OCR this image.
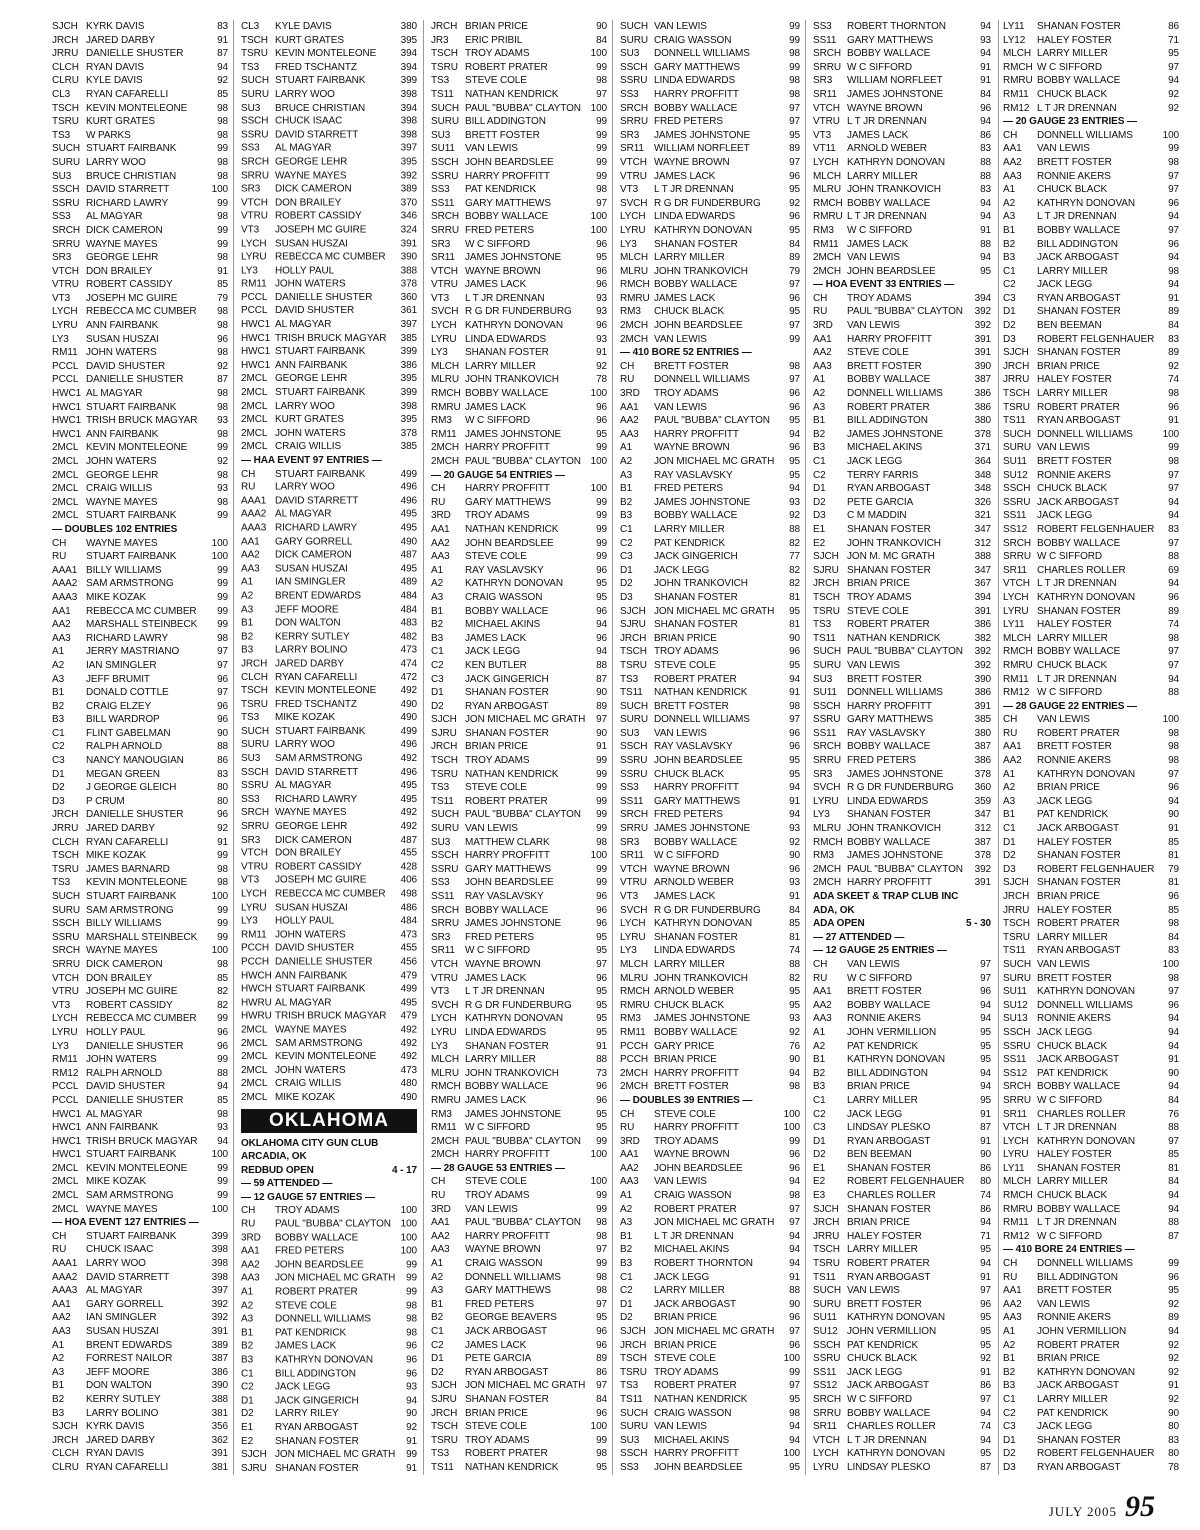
SJCH KYRK DAVIS	83
JRCH JARED DARBY	91
JRRU DANIELLE SHUSTER	87
CLCH RYAN DAVIS	94
CLRU KYLE DAVIS	92
CL3	RYAN CAFARELLI	85
TSCH KEVIN MONTELEONE	98
TSRU KURT GRATES	98
TS3	W PARKS	98
SUCH STUART FAIRBANK	99
SURU LARRY WOO	98
SU3	BRUCE CHRISTIAN	98
SSCH DAVID STARRETT	100
SSRU RICHARD LAWRY	99
SS3	AL MAGYAR	98
SRCH DICK CAMERON	99
SRRU WAYNE MAYES	99
SR3	GEORGE LEHR	98
VTCH DON BRAILEY	91
VTRU ROBERT CASSIDY	85
VT3	JOSEPH MC GUIRE	79
LYCH REBECCA MC CUMBER	98
LYRU ANN FAIRBANK	98
LY3	SUSAN HUSZAI	96
RM11 JOHN WATERS	98
PCCL DAVID SHUSTER	92
PCCL DANIELLE SHUSTER	87
HWC1 AL MAGYAR	98
HWC1 STUART FAIRBANK	98
HWC1 TRISH BRUCK MAGYAR	93
HWC1 ANN FAIRBANK	98
2MCL KEVIN MONTELEONE	99
2MCL JOHN WATERS	92
2MCL GEORGE LEHR	98
2MCL CRAIG WILLIS	93
2MCL WAYNE MAYES	98
2MCL STUART FAIRBANK	99
— DOUBLES 102 ENTRIES
CH	WAYNE MAYES	100
RU	STUART FAIRBANK	100
AAA1 BILLY WILLIAMS	99
AAA2 SAM ARMSTRONG	99
AAA3 MIKE KOZAK	99
AA1	REBECCA MC CUMBER	99
AA2	MARSHALL STEINBECK	99
AA3	RICHARD LAWRY	98
A1	JERRY MASTRIANO	97
A2	IAN SMINGLER	97
A3	JEFF BRUMIT	96
B1	DONALD COTTLE	97
B2	CRAIG ELZEY	96
B3	BILL WARDROP	96
C1	FLINT GABELMAN	90
C2	RALPH ARNOLD	88
C3	NANCY MANOUGIAN	86
D1	MEGAN GREEN	83
D2	J GEORGE GLEICH	80
D3	P CRUM	80
JRCH DANIELLE SHUSTER	96
JRRU JARED DARBY	92
CLCH RYAN CAFARELLI	91
TSCH MIKE KOZAK	99
TSRU JAMES BARNARD	98
TS3	KEVIN MONTELEONE	98
SUCH STUART FAIRBANK	100
SURU SAM ARMSTRONG	99
SSCH BILLY WILLIAMS	99
SSRU MARSHALL STEINBECK	99
SRCH WAYNE MAYES	100
SRRU DICK CAMERON	98
VTCH DON BRAILEY	85
VTRU JOSEPH MC GUIRE	82
VT3	ROBERT CASSIDY	82
LYCH REBECCA MC CUMBER	99
LYRU HOLLY PAUL	96
LY3	DANIELLE SHUSTER	96
RM11 JOHN WATERS	99
RM12 RALPH ARNOLD	88
PCCL DAVID SHUSTER	94
PCCL DANIELLE SHUSTER	85
HWC1 AL MAGYAR	98
HWC1 ANN FAIRBANK	93
HWC1 TRISH BRUCK MAGYAR	94
HWC1 STUART FAIRBANK	100
2MCL KEVIN MONTELEONE	99
2MCL MIKE KOZAK	99
2MCL SAM ARMSTRONG	99
2MCL WAYNE MAYES	100
— HOA EVENT 127 ENTRIES —
CH	STUART FAIRBANK	399
RU	CHUCK ISAAC	398
AAA1 LARRY WOO	398
AAA2 DAVID STARRETT	398
AAA3 AL MAGYAR	397
AA1	GARY GORRELL	392
AA2	IAN SMINGLER	392
AA3	SUSAN HUSZAI	391
A1	BRENT EDWARDS	389
A2	FORREST NAILOR	387
A3	JEFF MOORE	386
B1	DON WALTON	390
B2	KERRY SUTLEY	388
B3	LARRY BOLINO	381
SJCH KYRK DAVIS	356
JRCH JARED DARBY	362
CLCH RYAN DAVIS	391
CLRU RYAN CAFARELLI	381
CL3	KYLE DAVIS	380
TSCH KURT GRATES	395
TSRU KEVIN MONTELEONE	394
TS3	FRED TSCHANTZ	394
SUCH STUART FAIRBANK	399
SURU LARRY WOO	398
SU3	BRUCE CHRISTIAN	394
SSCH CHUCK ISAAC	398
SSRU DAVID STARRETT	398
SS3	AL MAGYAR	397
SRCH GEORGE LEHR	395
SRRU WAYNE MAYES	392
SR3	DICK CAMERON	389
VTCH DON BRAILEY	370
VTRU ROBERT CASSIDY	346
VT3	JOSEPH MC GUIRE	324
LYCH SUSAN HUSZAI	391
LYRU REBECCA MC CUMBER	390
LY3	HOLLY PAUL	388
RM11 JOHN WATERS	378
PCCL DANIELLE SHUSTER	360
PCCL DAVID SHUSTER	361
HWC1 AL MAGYAR	397
HWC1 TRISH BRUCK MAGYAR	385
HWC1 STUART FAIRBANK	399
HWC1 ANN FAIRBANK	386
2MCL GEORGE LEHR	395
2MCL STUART FAIRBANK	399
2MCL LARRY WOO	398
2MCL KURT GRATES	395
2MCL JOHN WATERS	378
2MCL CRAIG WILLIS	385
— HAA EVENT 97 ENTRIES —
CH	STUART FAIRBANK	499
RU	LARRY WOO	496
AAA1 DAVID STARRETT	496
AAA2 AL MAGYAR	495
AAA3 RICHARD LAWRY	495
AA1	GARY GORRELL	490
AA2	DICK CAMERON	487
AA3	SUSAN HUSZAI	495
A1	IAN SMINGLER	489
A2	BRENT EDWARDS	484
A3	JEFF MOORE	484
B1	DON WALTON	483
B2	KERRY SUTLEY	482
B3	LARRY BOLINO	473
JRCH JARED DARBY	474
CLCH RYAN CAFARELLI	472
TSCH KEVIN MONTELEONE	492
TSRU FRED TSCHANTZ	490
TS3	MIKE KOZAK	490
SUCH STUART FAIRBANK	499
SURU LARRY WOO	496
SU3	SAM ARMSTRONG	492
SSCH DAVID STARRETT	496
SSRU AL MAGYAR	495
SS3	RICHARD LAWRY	495
SRCH WAYNE MAYES	492
SRRU GEORGE LEHR	492
SR3	DICK CAMERON	487
VTCH DON BRAILEY	455
VTRU ROBERT CASSIDY	428
VT3	JOSEPH MC GUIRE	406
LYCH REBECCA MC CUMBER	498
LYRU SUSAN HUSZAI	486
LY3	HOLLY PAUL	484
RM11 JOHN WATERS	473
PCCH DAVID SHUSTER	455
PCCH DANIELLE SHUSTER	456
HWCH ANN FAIRBANK	479
HWCH STUART FAIRBANK	499
HWRU AL MAGYAR	495
HWRU TRISH BRUCK MAGYAR	479
2MCL WAYNE MAYES	492
2MCL SAM ARMSTRONG	492
2MCL KEVIN MONTELEONE	492
2MCL JOHN WATERS	473
2MCL CRAIG WILLIS	480
2MCL MIKE KOZAK	490
OKLAHOMA
OKLAHOMA CITY GUN CLUB
ARCADIA, OK
REDBUD OPEN	4 - 17
— 59 ATTENDED —
— 12 GAUGE 57 ENTRIES —
CH	TROY ADAMS	100
RU	PAUL "BUBBA" CLAYTON 100
3RD	BOBBY WALLACE	100
AA1	FRED PETERS	100
AA2	JOHN BEARDSLEE	99
AA3	JON MICHAEL MC GRATH	99
A1	ROBERT PRATER	99
A2	STEVE COLE	98
A3	DONNELL WILLIAMS	98
B1	PAT KENDRICK	98
B2	JAMES LACK	96
B3	KATHRYN DONOVAN	96
C1	BILL ADDINGTON	96
C2	JACK LEGG	93
D1	JACK GINGERICH	94
D2	LARRY RILEY	90
E1	RYAN ARBOGAST	92
E2	SHANAN FOSTER	91
SJCH JON MICHAEL MC GRATH	99
SJRU SHANAN FOSTER	91
JRCH BRIAN PRICE	90
JR3	ERIC PRIBIL	84
TSCH TROY ADAMS	100
TSRU ROBERT PRATER	99
TS3	STEVE COLE	98
TS11	NATHAN KENDRICK	97
SUCH PAUL "BUBBA" CLAYTON 100
SURU BILL ADDINGTON	99
SU3	BRETT FOSTER	99
SU11	VAN LEWIS	99
SSCH JOHN BEARDSLEE	99
SSRU HARRY PROFFITT	99
SS3	PAT KENDRICK	98
SS11	GARY MATTHEWS	97
SRCH BOBBY WALLACE	100
SRRU FRED PETERS	100
SR3	W C SIFFORD	96
SR11	JAMES JOHNSTONE	95
VTCH WAYNE BROWN	96
VTRU JAMES LACK	96
VT3	L T JR DRENNAN	93
SVCH R G DR FUNDERBURG	93
LYCH KATHRYN DONOVAN	96
LYRU LINDA EDWARDS	93
LY3	SHANAN FOSTER	91
MLCH LARRY MILLER	92
MLRU JOHN TRANKOVICH	78
RMCH BOBBY WALLACE	100
RMRU JAMES LACK	96
RM3	W C SIFFORD	96
RM11 JAMES JOHNSTONE	95
2MCH HARRY PROFFITT	99
2MCH PAUL "BUBBA" CLAYTON 100
— 20 GAUGE 54 ENTRIES —
CH	HARRY PROFFITT	100
RU	GARY MATTHEWS	99
3RD	TROY ADAMS	99
AA1	NATHAN KENDRICK	99
AA2	JOHN BEARDSLEE	99
AA3	STEVE COLE	99
A1	RAY VASLAVSKY	96
A2	KATHRYN DONOVAN	95
A3	CRAIG WASSON	95
B1	BOBBY WALLACE	96
B2	MICHAEL AKINS	94
B3	JAMES LACK	96
C1	JACK LEGG	94
C2	KEN BUTLER	88
C3	JACK GINGERICH	87
D1	SHANAN FOSTER	90
D2	RYAN ARBOGAST	89
SJCH JON MICHAEL MC GRATH	97
SJRU SHANAN FOSTER	90
JRCH BRIAN PRICE	91
TSCH TROY ADAMS	99
TSRU NATHAN KENDRICK	99
TS3	STEVE COLE	99
TS11	ROBERT PRATER	99
SUCH PAUL "BUBBA" CLAYTON	99
SURU VAN LEWIS	99
SU3	MATTHEW CLARK	98
SSCH HARRY PROFFITT	100
SSRU GARY MATTHEWS	99
SS3	JOHN BEARDSLEE	99
SS11	RAY VASLAVSKY	96
SRCH BOBBY WALLACE	96
SRRU JAMES JOHNSTONE	96
SR3	FRED PETERS	95
SR11	W C SIFFORD	95
VTCH WAYNE BROWN	97
VTRU JAMES LACK	96
VT3	L T JR DRENNAN	95
SVCH R G DR FUNDERBURG	95
LYCH KATHRYN DONOVAN	95
LYRU LINDA EDWARDS	95
LY3	SHANAN FOSTER	91
MLCH LARRY MILLER	88
MLRU JOHN TRANKOVICH	73
RMCH BOBBY WALLACE	96
RMRU JAMES LACK	96
RM3	JAMES JOHNSTONE	95
RM11 W C SIFFORD	95
2MCH PAUL "BUBBA" CLAYTON	99
2MCH HARRY PROFFITT	100
— 28 GAUGE 53 ENTRIES —
CH	STEVE COLE	100
RU	TROY ADAMS	99
3RD	VAN LEWIS	99
AA1	PAUL "BUBBA" CLAYTON	98
AA2	HARRY PROFFITT	98
AA3	WAYNE BROWN	97
A1	CRAIG WASSON	99
A2	DONNELL WILLIAMS	98
A3	GARY MATTHEWS	98
B1	FRED PETERS	97
B2	GEORGE BEAVERS	95
C1	JACK ARBOGAST	96
C2	JAMES LACK	96
D1	PETE GARCIA	89
D2	RYAN ARBOGAST	86
SJCH JON MICHAEL MC GRATH	97
SJRU SHANAN FOSTER	84
JRCH BRIAN PRICE	96
TSCH STEVE COLE	100
TSRU TROY ADAMS	99
TS3	ROBERT PRATER	98
TS11	NATHAN KENDRICK	95
SUCH VAN LEWIS	99
SURU CRAIG WASSON	99
SU3	DONNELL WILLIAMS	98
SSCH GARY MATTHEWS	99
SSRU LINDA EDWARDS	98
SS3	HARRY PROFFITT	98
SRCH BOBBY WALLACE	97
SRRU FRED PETERS	97
SR3	JAMES JOHNSTONE	95
SR11	WILLIAM NORFLEET	89
VTCH WAYNE BROWN	97
VTRU JAMES LACK	96
VT3	L T JR DRENNAN	95
SVCH R G DR FUNDERBURG	92
LYCH LINDA EDWARDS	96
LYRU KATHRYN DONOVAN	95
LY3	SHANAN FOSTER	84
MLCH LARRY MILLER	89
MLRU JOHN TRANKOVICH	79
RMCH BOBBY WALLACE	97
RMRU JAMES LACK	96
RM3	CHUCK BLACK	95
2MCH JOHN BEARDSLEE	97
2MCH VAN LEWIS	99
— 410 BORE 52 ENTRIES —
CH	BRETT FOSTER	98
RU	DONNELL WILLIAMS	97
3RD	TROY ADAMS	96
AA1	VAN LEWIS	96
AA2	PAUL "BUBBA" CLAYTON	95
AA3	HARRY PROFFITT	94
A1	WAYNE BROWN	96
A2	JON MICHAEL MC GRATH	95
A3	RAY VASLAVSKY	95
B1	FRED PETERS	94
B2	JAMES JOHNSTONE	93
B3	BOBBY WALLACE	92
C1	LARRY MILLER	88
C2	PAT KENDRICK	82
C3	JACK GINGERICH	77
D1	JACK LEGG	82
D2	JOHN TRANKOVICH	82
D3	SHANAN FOSTER	81
SJCH JON MICHAEL MC GRATH	95
SJRU SHANAN FOSTER	81
JRCH BRIAN PRICE	90
TSCH TROY ADAMS	96
TSRU STEVE COLE	95
TS3	ROBERT PRATER	94
TS11	NATHAN KENDRICK	91
SUCH BRETT FOSTER	98
SURU DONNELL WILLIAMS	97
SU3	VAN LEWIS	96
SSCH RAY VASLAVSKY	96
SSRU JOHN BEARDSLEE	95
SSRU CHUCK BLACK	95
SS3	HARRY PROFFITT	94
SS11	GARY MATTHEWS	91
SRCH FRED PETERS	94
SRRU JAMES JOHNSTONE	93
SR3	BOBBY WALLACE	92
SR11	W C SIFFORD	90
VTCH WAYNE BROWN	96
VTRU ARNOLD WEBER	93
VT3	JAMES LACK	91
SVCH R G DR FUNDERBURG	84
LYCH KATHRYN DONOVAN	85
LYRU SHANAN FOSTER	81
LY3	LINDA EDWARDS	74
MLCH LARRY MILLER	88
MLRU JOHN TRANKOVICH	82
RMCH ARNOLD WEBER	95
RMRU CHUCK BLACK	95
RM3	JAMES JOHNSTONE	93
RM11 BOBBY WALLACE	92
PCCH GARY PRICE	76
PCCH BRIAN PRICE	90
2MCH HARRY PROFFITT	94
2MCH BRETT FOSTER	98
— DOUBLES 39 ENTRIES —
CH	STEVE COLE	100
RU	HARRY PROFFITT	100
3RD	TROY ADAMS	99
AA1	WAYNE BROWN	96
AA2	JOHN BEARDSLEE	96
AA3	VAN LEWIS	94
A1	CRAIG WASSON	98
A2	ROBERT PRATER	97
A3	JON MICHAEL MC GRATH	97
B1	L T JR DRENNAN	94
B2	MICHAEL AKINS	94
B3	ROBERT THORNTON	94
C1	JACK LEGG	91
C2	LARRY MILLER	88
D1	JACK ARBOGAST	90
D2	BRIAN PRICE	96
SJCH JON MICHAEL MC GRATH	97
JRCH BRIAN PRICE	96
TSCH STEVE COLE	100
TSRU TROY ADAMS	99
TS3	ROBERT PRATER	97
TS11	NATHAN KENDRICK	95
SUCH CRAIG WASSON	98
SURU VAN LEWIS	94
SU3	MICHAEL AKINS	94
SSCH HARRY PROFFITT	100
SS3	JOHN BEARDSLEE	95
SS3	ROBERT THORNTON	94
SS11	GARY MATTHEWS	93
SRCH BOBBY WALLACE	94
SRRU W C SIFFORD	91
SR3	WILLIAM NORFLEET	91
SR11	JAMES JOHNSTONE	84
VTCH WAYNE BROWN	96
VTRU L T JR DRENNAN	94
VT3	JAMES LACK	86
VT11	ARNOLD WEBER	83
LYCH KATHRYN DONOVAN	88
MLCH LARRY MILLER	88
MLRU JOHN TRANKOVICH	83
RMCH BOBBY WALLACE	94
RMRU L T JR DRENNAN	94
RM3	W C SIFFORD	91
RM11 JAMES LACK	88
2MCH VAN LEWIS	94
2MCH JOHN BEARDSLEE	95
— HOA EVENT 33 ENTRIES —
CH	TROY ADAMS	394
RU	PAUL "BUBBA" CLAYTON	392
3RD	VAN LEWIS	392
AA1	HARRY PROFFITT	391
AA2	STEVE COLE	391
AA3	BRETT FOSTER	390
A1	BOBBY WALLACE	387
A2	DONNELL WILLIAMS	386
A3	ROBERT PRATER	386
B1	BILL ADDINGTON	380
B2	JAMES JOHNSTONE	378
B3	MICHAEL AKINS	371
C1	JACK LEGG	364
C2	TERRY FARRIS	348
D1	RYAN ARBOGAST	348
D2	PETE GARCIA	326
D3	C M MADDIN	321
E1	SHANAN FOSTER	347
E2	JOHN TRANKOVICH	312
SJCH JON M. MC GRATH	388
SJRU SHANAN FOSTER	347
JRCH BRIAN PRICE	367
TSCH TROY ADAMS	394
TSRU STEVE COLE	391
TS3	ROBERT PRATER	386
TS11	NATHAN KENDRICK	382
SUCH PAUL "BUBBA" CLAYTON	392
SURU VAN LEWIS	392
SU3	BRETT FOSTER	390
SU11	DONNELL WILLIAMS	386
SSCH HARRY PROFFITT	391
SSRU GARY MATTHEWS	385
SS11	RAY VASLAVSKY	380
SRCH BOBBY WALLACE	387
SRRU FRED PETERS	386
SR3	JAMES JOHNSTONE	378
SVCH R G DR FUNDERBURG	360
LYRU LINDA EDWARDS	359
LY3	SHANAN FOSTER	347
MLRU JOHN TRANKOVICH	312
RMCH BOBBY WALLACE	387
RM3	JAMES JOHNSTONE	378
2MCH PAUL "BUBBA" CLAYTON	392
2MCH HARRY PROFFITT	391
ADA SKEET & TRAP CLUB INC
ADA, OK
ADA OPEN	5 - 30
— 27 ATTENDED —
— 12 GAUGE 25 ENTRIES —
CH	VAN LEWIS	97
RU	W C SIFFORD	97
AA1	BRETT FOSTER	96
AA2	BOBBY WALLACE	94
AA3	RONNIE AKERS	94
A1	JOHN VERMILLION	95
A2	PAT KENDRICK	95
B1	KATHRYN DONOVAN	95
B2	BILL ADDINGTON	94
B3	BRIAN PRICE	94
C1	LARRY MILLER	95
C2	JACK LEGG	91
C3	LINDSAY PLESKO	87
D1	RYAN ARBOGAST	91
D2	BEN BEEMAN	90
E1	SHANAN FOSTER	86
E2	ROBERT FELGENHAUER	80
E3	CHARLES ROLLER	74
SJCH SHANAN FOSTER	86
JRCH BRIAN PRICE	94
JRRU HALEY FOSTER	71
TSCH LARRY MILLER	95
TSRU ROBERT PRATER	94
TS11	RYAN ARBOGAST	91
SUCH VAN LEWIS	97
SURU BRETT FOSTER	96
SU11	KATHRYN DONOVAN	95
SU12 JOHN VERMILLION	95
SSCH PAT KENDRICK	95
SSRU CHUCK BLACK	92
SS11	JACK LEGG	91
SS12 JACK ARBOGAST	86
SRCH W C SIFFORD	97
SRRU BOBBY WALLACE	94
SR11	CHARLES ROLLER	74
VTCH L T JR DRENNAN	94
LYCH KATHRYN DONOVAN	95
LYRU LINDSAY PLESKO	87
LY11	SHANAN FOSTER	86
LY12	HALEY FOSTER	71
MLCH LARRY MILLER	95
RMCH W C SIFFORD	97
RMRU BOBBY WALLACE	94
RM11 CHUCK BLACK	92
RM12 L T JR DRENNAN	92
— 20 GAUGE 23 ENTRIES —
CH	DONNELL WILLIAMS	100
AA1	VAN LEWIS	99
AA2	BRETT FOSTER	98
AA3	RONNIE AKERS	97
A1	CHUCK BLACK	97
A2	KATHRYN DONOVAN	96
A3	L T JR DRENNAN	94
B1	BOBBY WALLACE	97
B2	BILL ADDINGTON	96
B3	JACK ARBOGAST	94
C1	LARRY MILLER	98
C2	JACK LEGG	94
C3	RYAN ARBOGAST	91
D1	SHANAN FOSTER	89
D2	BEN BEEMAN	84
D3	ROBERT FELGENHAUER	83
SJCH SHANAN FOSTER	89
JRCH BRIAN PRICE	92
JRRU HALEY FOSTER	74
TSCH LARRY MILLER	98
TSRU ROBERT PRATER	96
TS11	RYAN ARBOGAST	91
SUCH DONNELL WILLIAMS	100
SURU VAN LEWIS	99
SU11	BRETT FOSTER	98
SU12 RONNIE AKERS	97
SSCH CHUCK BLACK	97
SSRU JACK ARBOGAST	94
SS11	JACK LEGG	94
SS12 ROBERT FELGENHAUER	83
SRCH BOBBY WALLACE	97
SRRU W C SIFFORD	88
SR11	CHARLES ROLLER	69
VTCH L T JR DRENNAN	94
LYCH KATHRYN DONOVAN	96
LYRU SHANAN FOSTER	89
LY11	HALEY FOSTER	74
MLCH LARRY MILLER	98
RMCH BOBBY WALLACE	97
RMRU CHUCK BLACK	97
RM11 L T JR DRENNAN	94
RM12 W C SIFFORD	88
— 28 GAUGE 22 ENTRIES —
CH	VAN LEWIS	100
RU	ROBERT PRATER	98
AA1	BRETT FOSTER	98
AA2	RONNIE AKERS	98
A1	KATHRYN DONOVAN	97
A2	BRIAN PRICE	96
A3	JACK LEGG	94
B1	PAT KENDRICK	90
C1	JACK ARBOGAST	91
D1	HALEY FOSTER	85
D2	SHANAN FOSTER	81
D3	ROBERT FELGENHAUER	79
SJCH SHANAN FOSTER	81
JRCH BRIAN PRICE	96
JRRU HALEY FOSTER	85
TSCH ROBERT PRATER	98
TSRU LARRY MILLER	84
TS11	RYAN ARBOGAST	83
SUCH VAN LEWIS	100
SURU BRETT FOSTER	98
SU11	KATHRYN DONOVAN	97
SU12 DONNELL WILLIAMS	96
SU13 RONNIE AKERS	94
SSCH JACK LEGG	94
SSRU CHUCK BLACK	94
SS11	JACK ARBOGAST	91
SS12 PAT KENDRICK	90
SRCH BOBBY WALLACE	94
SRRU W C SIFFORD	84
SR11	CHARLES ROLLER	76
VTCH L T JR DRENNAN	88
LYCH KATHRYN DONOVAN	97
LYRU HALEY FOSTER	85
LY11	SHANAN FOSTER	81
MLCH LARRY MILLER	84
RMCH CHUCK BLACK	94
RMRU BOBBY WALLACE	94
RM11 L T JR DRENNAN	88
RM12 W C SIFFORD	87
— 410 BORE 24 ENTRIES —
CH	DONNELL WILLIAMS	99
RU	BILL ADDINGTON	96
AA1	BRETT FOSTER	95
AA2	VAN LEWIS	92
AA3	RONNIE AKERS	89
A1	JOHN VERMILLION	94
A2	ROBERT PRATER	92
B1	BRIAN PRICE	92
B2	KATHRYN DONOVAN	92
B3	JACK ARBOGAST	91
C1	LARRY MILLER	92
C2	PAT KENDRICK	90
C3	JACK LEGG	80
D1	SHANAN FOSTER	83
D2	ROBERT FELGENHAUER	80
D3	RYAN ARBOGAST	78
JULY 2005 95
